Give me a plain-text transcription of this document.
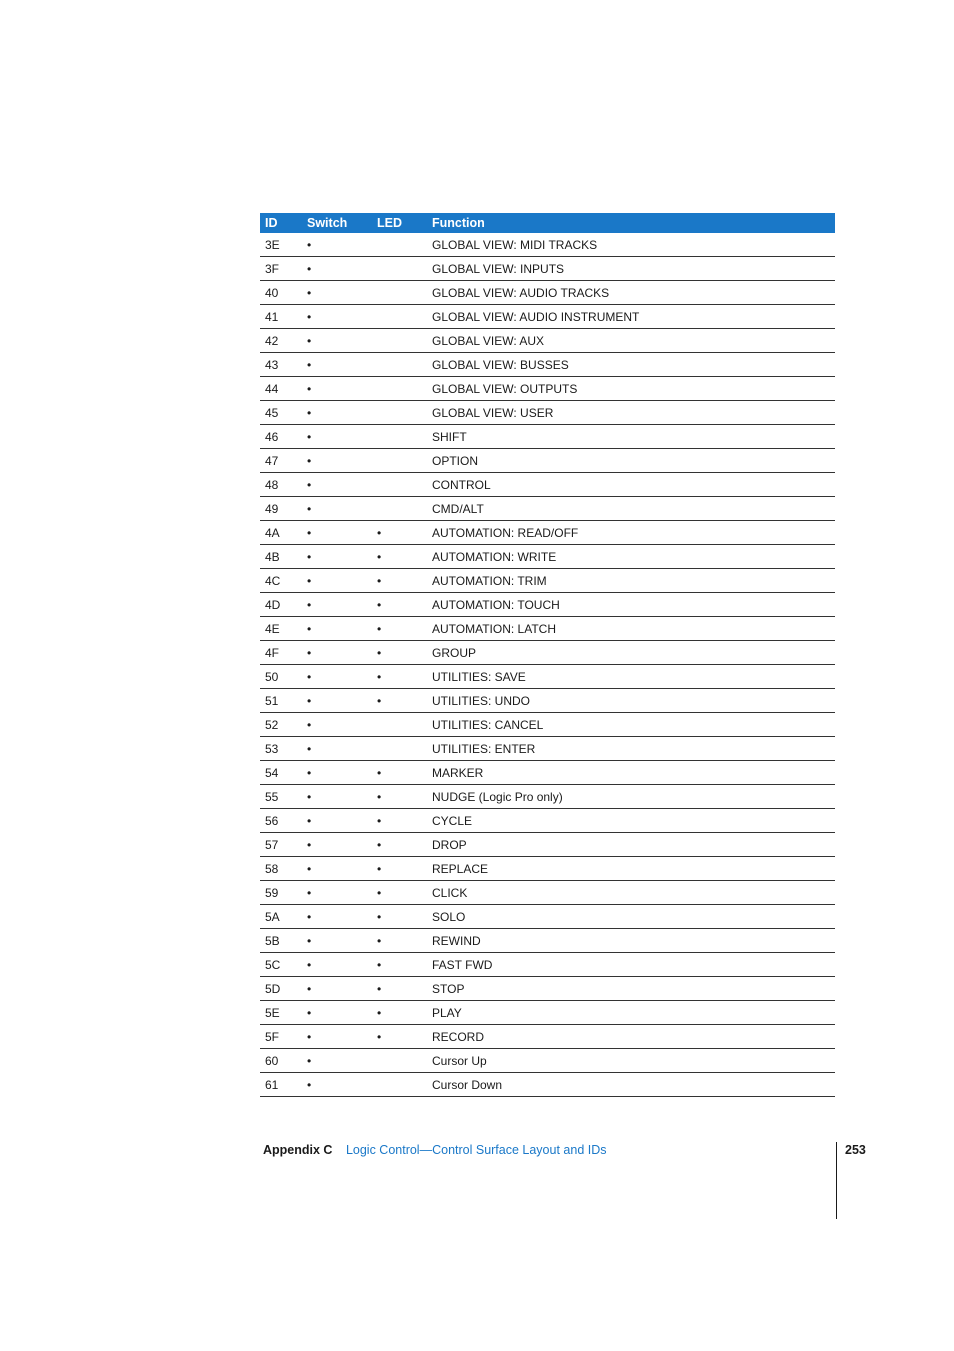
ID	Switch	LED	Function
3E	•		GLOBAL VIEW: MIDI TRACKS
3F	•		GLOBAL VIEW: INPUTS
40	•		GLOBAL VIEW: AUDIO TRACKS
41	•		GLOBAL VIEW: AUDIO INSTRUMENT
42	•		GLOBAL VIEW: AUX
43	•		GLOBAL VIEW: BUSSES
44	•		GLOBAL VIEW: OUTPUTS
45	•		GLOBAL VIEW: USER
46	•		SHIFT
47	•		OPTION
48	•		CONTROL
49	•		CMD/ALT
4A	•	•	AUTOMATION: READ/OFF
4B	•	•	AUTOMATION: WRITE
4C	•	•	AUTOMATION: TRIM
4D	•	•	AUTOMATION: TOUCH
4E	•	•	AUTOMATION: LATCH
4F	•	•	GROUP
50	•	•	UTILITIES: SAVE
51	•	•	UTILITIES: UNDO
52	•		UTILITIES: CANCEL
53	•		UTILITIES: ENTER
54	•	•	MARKER
55	•	•	NUDGE (Logic Pro only)
56	•	•	CYCLE
57	•	•	DROP
58	•	•	REPLACE
59	•	•	CLICK
5A	•	•	SOLO
5B	•	•	REWIND
5C	•	•	FAST FWD
5D	•	•	STOP
5E	•	•	PLAY
5F	•	•	RECORD
60	•		Cursor Up
61	•		Cursor Down
Appendix C Logic Control—Control Surface Layout and IDs	253
